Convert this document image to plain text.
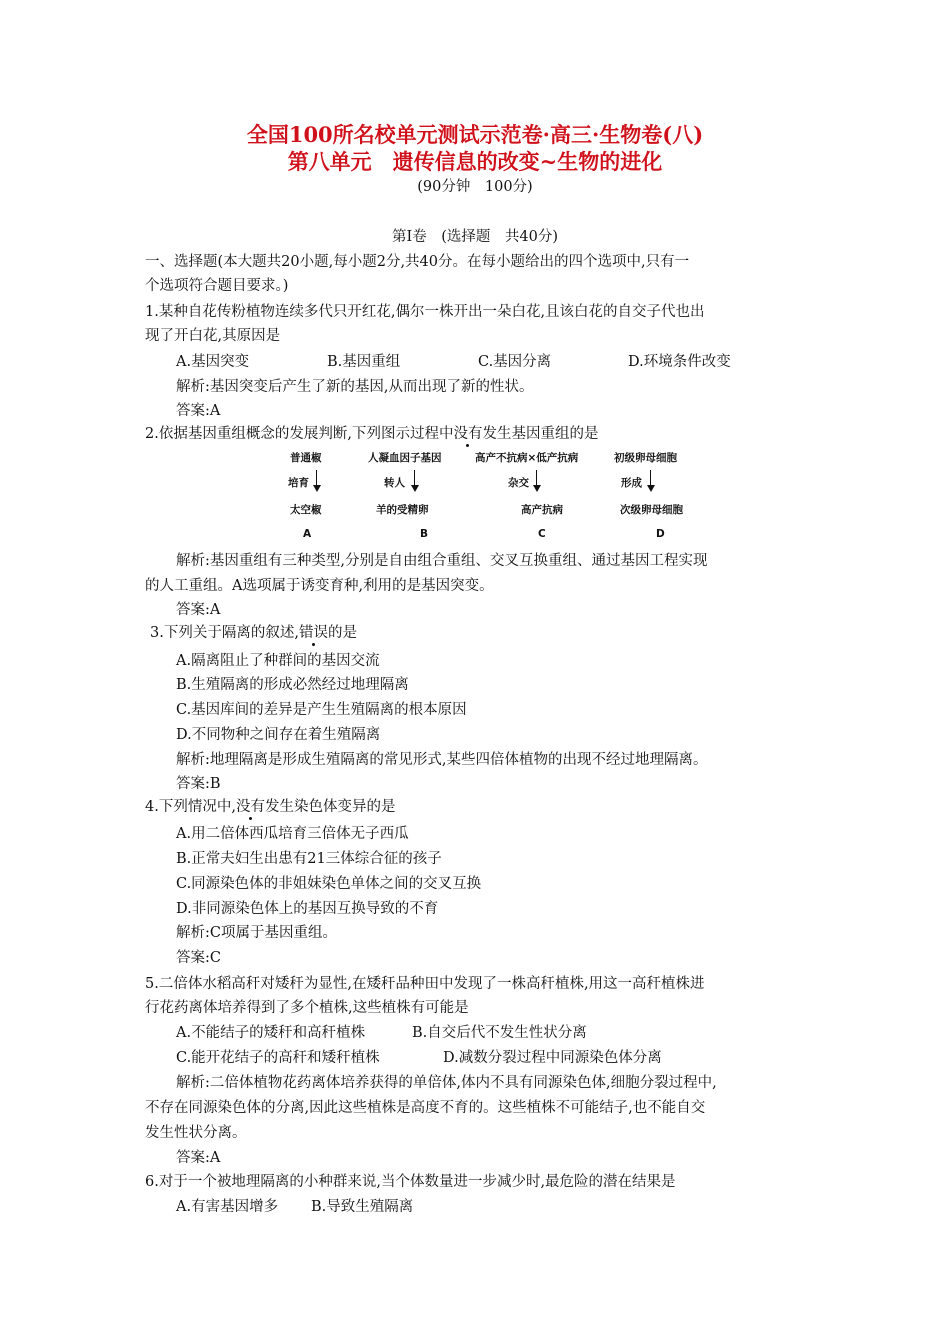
全国100所名校单元测试示范卷·高三·生物卷(八)
第八单元　遗传信息的改变~生物的进化
(90分钟　100分)
第Ⅰ卷　(选择题　共40分)
一、选择题(本大题共20小题,每小题2分,共40分。在每小题给出的四个选项中,只有一
个选项符合题目要求。)
1.某种自花传粉植物连续多代只开红花,偶尔一株开出一朵白花,且该白花的自交子代也出
现了开白花,其原因是
A.基因突变	B.基因重组	C.基因分离	D.环境条件改变
解析:基因突变后产生了新的基因,从而出现了新的性状。
答案:A
2.依据基因重组概念的发展判断,下列图示过程中没有发生基因重组的是
普通椒	人凝血因子基因	高产不抗病×低产抗病	初级卵母细胞
培育	转人	杂交	形成
太空椒	羊的受精卵	高产抗病	次级卵母细胞
A	B	C	D
解析:基因重组有三种类型,分别是自由组合重组、交叉互换重组、通过基因工程实现
的人工重组。A选项属于诱变育种,利用的是基因突变。
答案:A
3.下列关于隔离的叙述,错误的是
A.隔离阻止了种群间的基因交流
B.生殖隔离的形成必然经过地理隔离
C.基因库间的差异是产生生殖隔离的根本原因
D.不同物种之间存在着生殖隔离
解析:地理隔离是形成生殖隔离的常见形式,某些四倍体植物的出现不经过地理隔离。
答案:B
4.下列情况中,没有发生染色体变异的是
A.用二倍体西瓜培育三倍体无子西瓜
B.正常夫妇生出患有21三体综合征的孩子
C.同源染色体的非姐妹染色单体之间的交叉互换
D.非同源染色体上的基因互换导致的不育
解析:C项属于基因重组。
答案:C
5.二倍体水稻高秆对矮秆为显性,在矮秆品种田中发现了一株高秆植株,用这一高秆植株进
行花药离体培养得到了多个植株,这些植株有可能是
A.不能结子的矮秆和高秆植株	B.自交后代不发生性状分离
C.能开花结子的高秆和矮秆植株	D.减数分裂过程中同源染色体分离
解析:二倍体植物花药离体培养获得的单倍体,体内不具有同源染色体,细胞分裂过程中,
不存在同源染色体的分离,因此这些植株是高度不育的。这些植株不可能结子,也不能自交
发生性状分离。
答案:A
6.对于一个被地理隔离的小种群来说,当个体数量进一步减少时,最危险的潜在结果是
A.有害基因增多 B.导致生殖隔离
